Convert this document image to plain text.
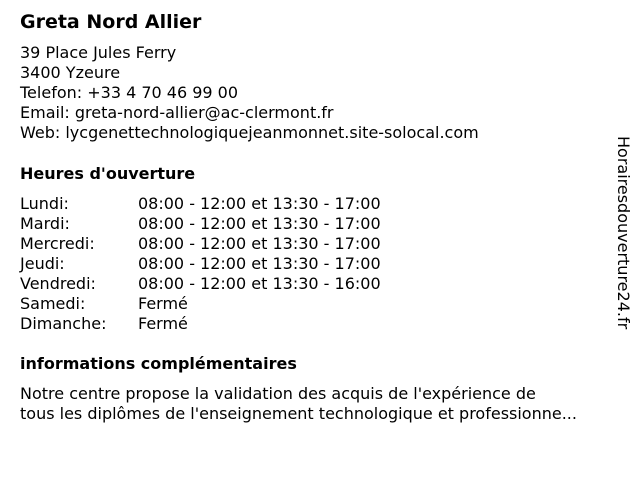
Greta Nord Allier
39 Place Jules Ferry
3400 Yzeure
Telefon: +33 4 70 46 99 00
Email: greta-nord-allier@ac-clermont.fr
Web: lycgenettechnologiquejeanmonnet.site-solocal.com
Heures d'ouverture
Lundi:	08:00 - 12:00 et 13:30 - 17:00
Mardi:	08:00 - 12:00 et 13:30 - 17:00
Mercredi:	08:00 - 12:00 et 13:30 - 17:00
Jeudi:	08:00 - 12:00 et 13:30 - 17:00
Vendredi:	08:00 - 12:00 et 13:30 - 16:00
Samedi:	Fermé
Dimanche: Fermé
informations complémentaires
Notre centre propose la validation des acquis de l'expérience de
tous les diplômes de l'enseignement technologique et professionne...
Horairesdouverture24.fr
